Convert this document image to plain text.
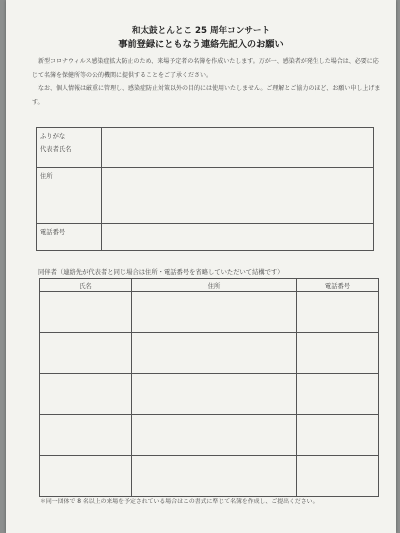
和太鼓とんとこ 25 周年コンサート
事前登録にともなう連絡先記入のお願い

新型コロナウィルス感染症拡大防止のため、来場予定者の名簿を作成いたします。万が一、感染者が発生した場合は、必要に応じて名簿を保健所等の公的機関に提供することをご了承ください。

なお、個人情報は厳重に管理し、感染症防止対策以外の目的には使用いたしません。ご理解とご協力のほど、お願い申し上げます。

ふりがな
代表者氏名	

住所	

電話番号	

同伴者（連絡先が代表者と同じ場合は住所・電話番号を省略していただいて結構です）
氏名	住所	電話番号

＊同一団体で 8 名以上の来場を予定されている場合はこの書式に準じて名簿を作成し、ご提出ください。
